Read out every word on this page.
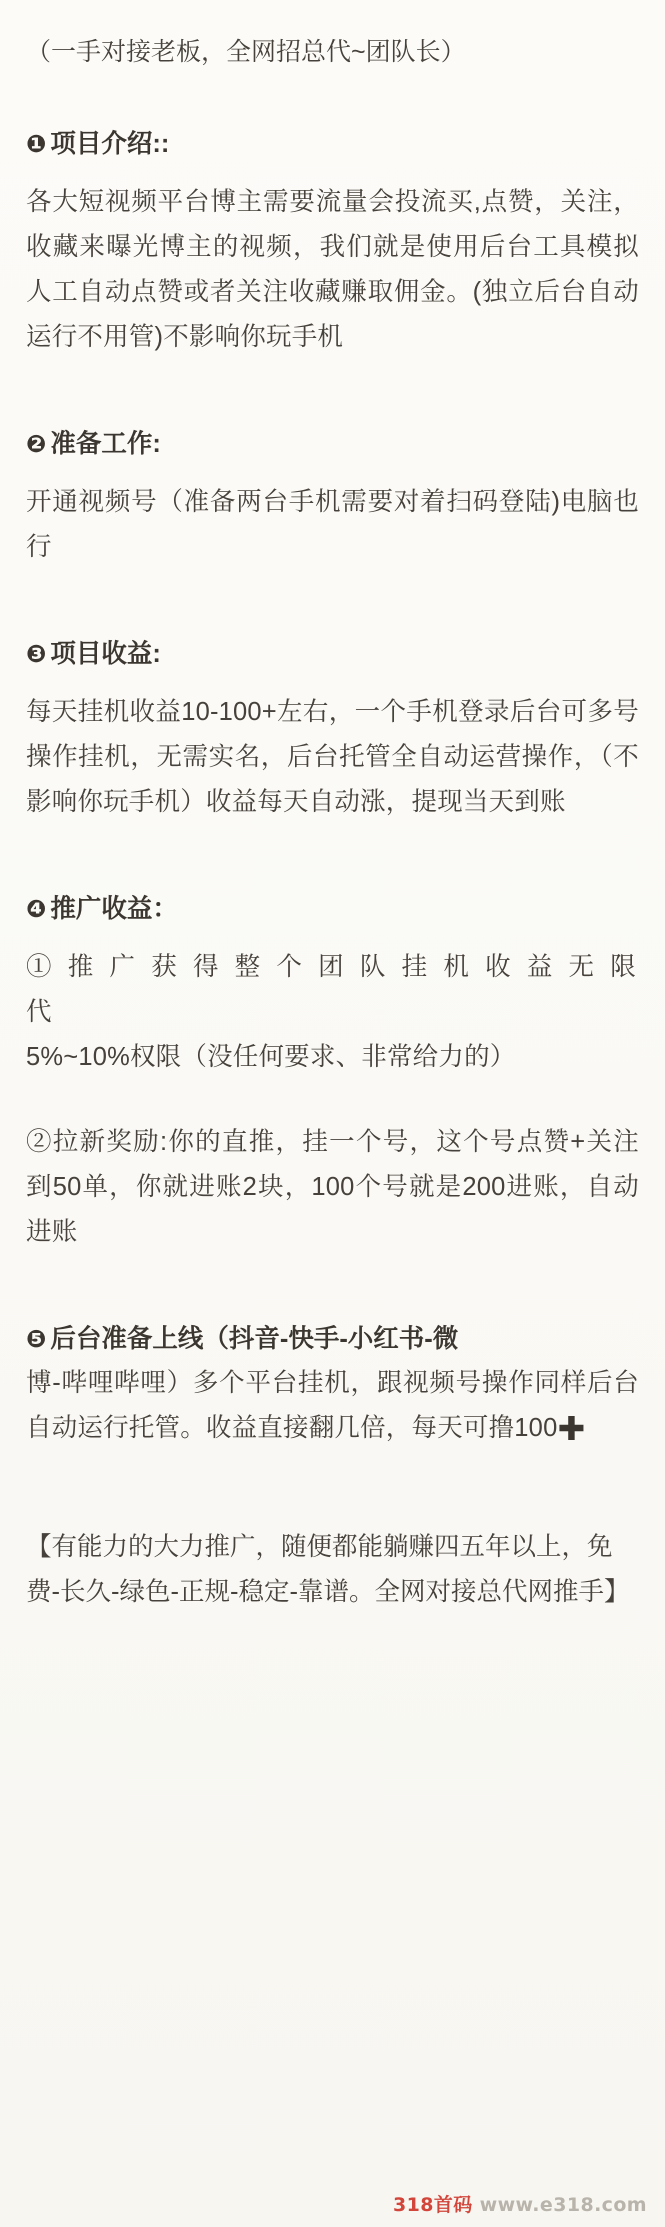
（一手对接老板，全网招总代~团队长）

❶ 项目介绍::

各大短视频平台博主需要流量会投流买,点赞，关注，收藏来曝光博主的视频，我们就是使用后台工具模拟人工自动点赞或者关注收藏赚取佣金。(独立后台自动运行不用管)不影响你玩手机

❷ 准备工作:

开通视频号（准备两台手机需要对着扫码登陆)电脑也行

❸ 项目收益:

每天挂机收益10-100+左右，一个手机登录后台可多号操作挂机，无需实名，后台托管全自动运营操作，（不影响你玩手机）收益每天自动涨，提现当天到账

❹ 推广收益：

① 推 广 获 得 整 个 团 队 挂 机 收 益 无 限 代

5%~10%权限（没任何要求、非常给力的）

②拉新奖励:你的直推，挂一个号，这个号点赞+关注到50单，你就进账2块，100个号就是200进账，自动进账

❺ 后台准备上线（抖音-快手-小红书-微

博-哔哩哔哩）多个平台挂机，跟视频号操作同样后台自动运行托管。收益直接翻几倍，每天可撸100✚

【有能力的大力推广，随便都能躺赚四五年以上，免费-长久-绿色-正规-稳定-靠谱。全网对接总代网推手】

318首码 www.e318.com
